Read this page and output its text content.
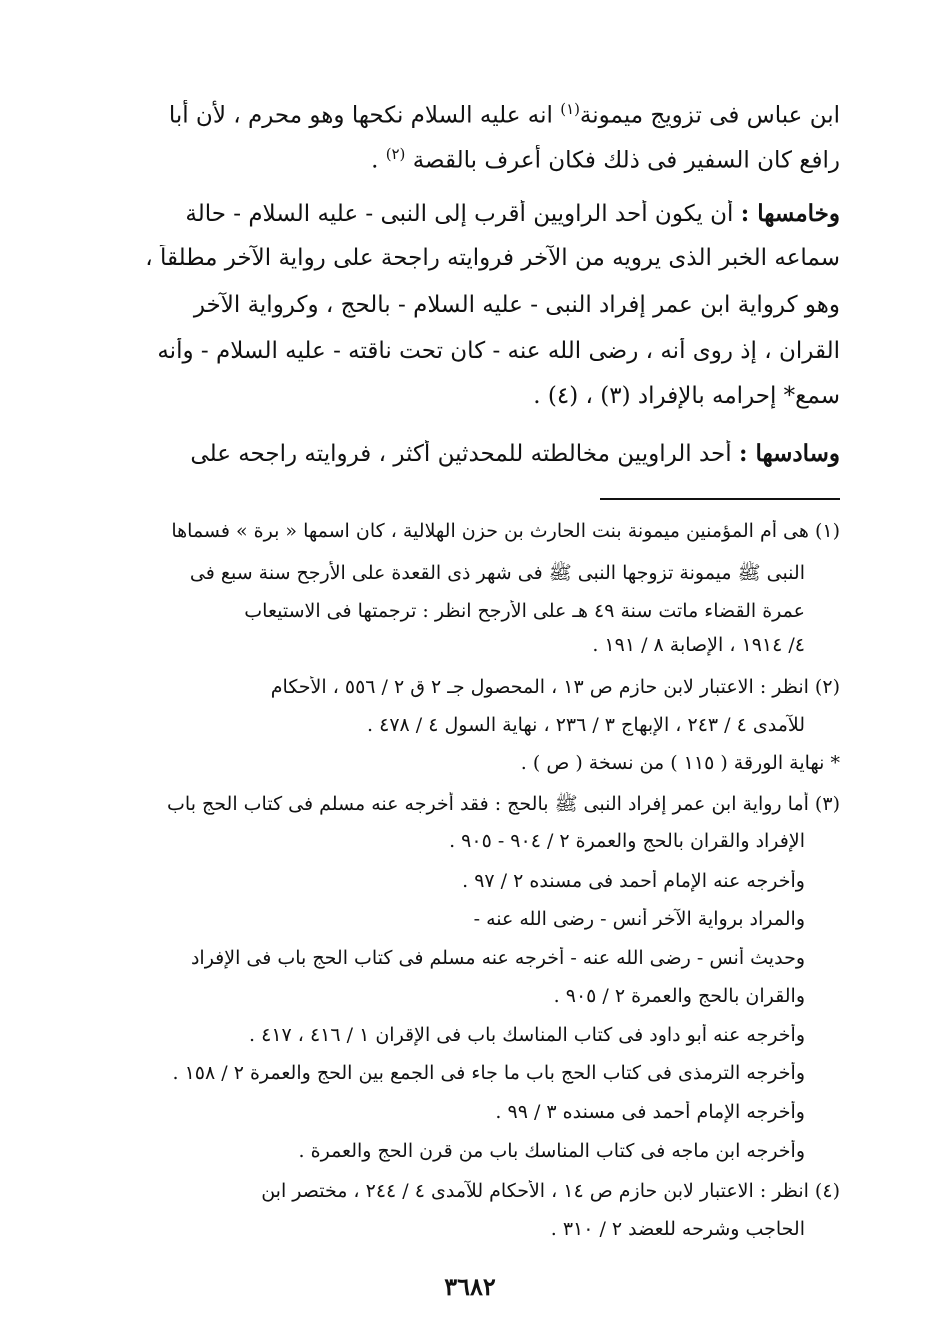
ابن عباس فى تزويج ميمونة$^{(١)}$ انه عليه السلام نكحها وهو محرم ، لأن أبا
رافع كان السفير فى ذلك فكان أعرف بالقصة $^{(٢)}$ .
وخامسها : أن يكون أحد الراويين أقرب إلى النبى - عليه السلام - حالة
سماعه الخبر الذى يرويه من الآخر فروايته راجحة على رواية الآخر مطلقاً ،
وهو كرواية ابن عمر إفراد النبى - عليه السلام - بالحج ، وكرواية الآخر
القران ، إذ روى أنه ، رضى الله عنه - كان تحت ناقته - عليه السلام - وأنه
سمع* إحرامه بالإفراد (٣) ، (٤) .
وسادسها : أحد الراويين مخالطته للمحدثين أكثر ، فروايته راجحه على
(١) هى أم المؤمنين ميمونة بنت الحارث بن حزن الهلالية ، كان اسمها « برة » فسماها
النبى ﷺ ميمونة تزوجها النبى ﷺ فى شهر ذى القعدة على الأرجح سنة سبع فى
عمرة القضاء ماتت سنة ٤٩ هـ على الأرجح انظر : ترجمتها فى الاستيعاب
٤/ ١٩١٤ ، الإصابة ٨ / ١٩١ .
(٢) انظر : الاعتبار لابن حازم ص ١٣ ، المحصول جـ ٢ ق ٢ / ٥٥٦ ، الأحكام
للآمدى ٤ / ٢٤٣ ، الإبهاج ٣ / ٢٣٦ ، نهاية السول ٤ / ٤٧٨ .
* نهاية الورقة ( ١١٥ ) من نسخة ( ص ) .
(٣) أما رواية ابن عمر إفراد النبى ﷺ بالحج : فقد أخرجه عنه مسلم فى كتاب الحج باب
الإفراد والقران بالحج والعمرة ٢ / ٩٠٤ - ٩٠٥ .
وأخرجه عنه الإمام أحمد فى مسنده ٢ / ٩٧ .
والمراد برواية الآخر أنس - رضى الله عنه -
وحديث أنس - رضى الله عنه - أخرجه عنه مسلم فى كتاب الحج باب فى الإفراد
والقران بالحج والعمرة ٢ / ٩٠٥ .
وأخرجه عنه أبو داود فى كتاب المناسك باب فى الإقران ١ / ٤١٦ ، ٤١٧ .
وأخرجه الترمذى فى كتاب الحج باب ما جاء فى الجمع بين الحج والعمرة ٢ / ١٥٨ .
وأخرجه الإمام أحمد فى مسنده ٣ / ٩٩ .
وأخرجه ابن ماجه فى كتاب المناسك باب من قرن الحج والعمرة .
(٤) انظر : الاعتبار لابن حازم ص ١٤ ، الأحكام للآمدى ٤ / ٢٤٤ ، مختصر ابن
الحاجب وشرحه للعضد ٢ / ٣١٠ .
٣٦٨٢
